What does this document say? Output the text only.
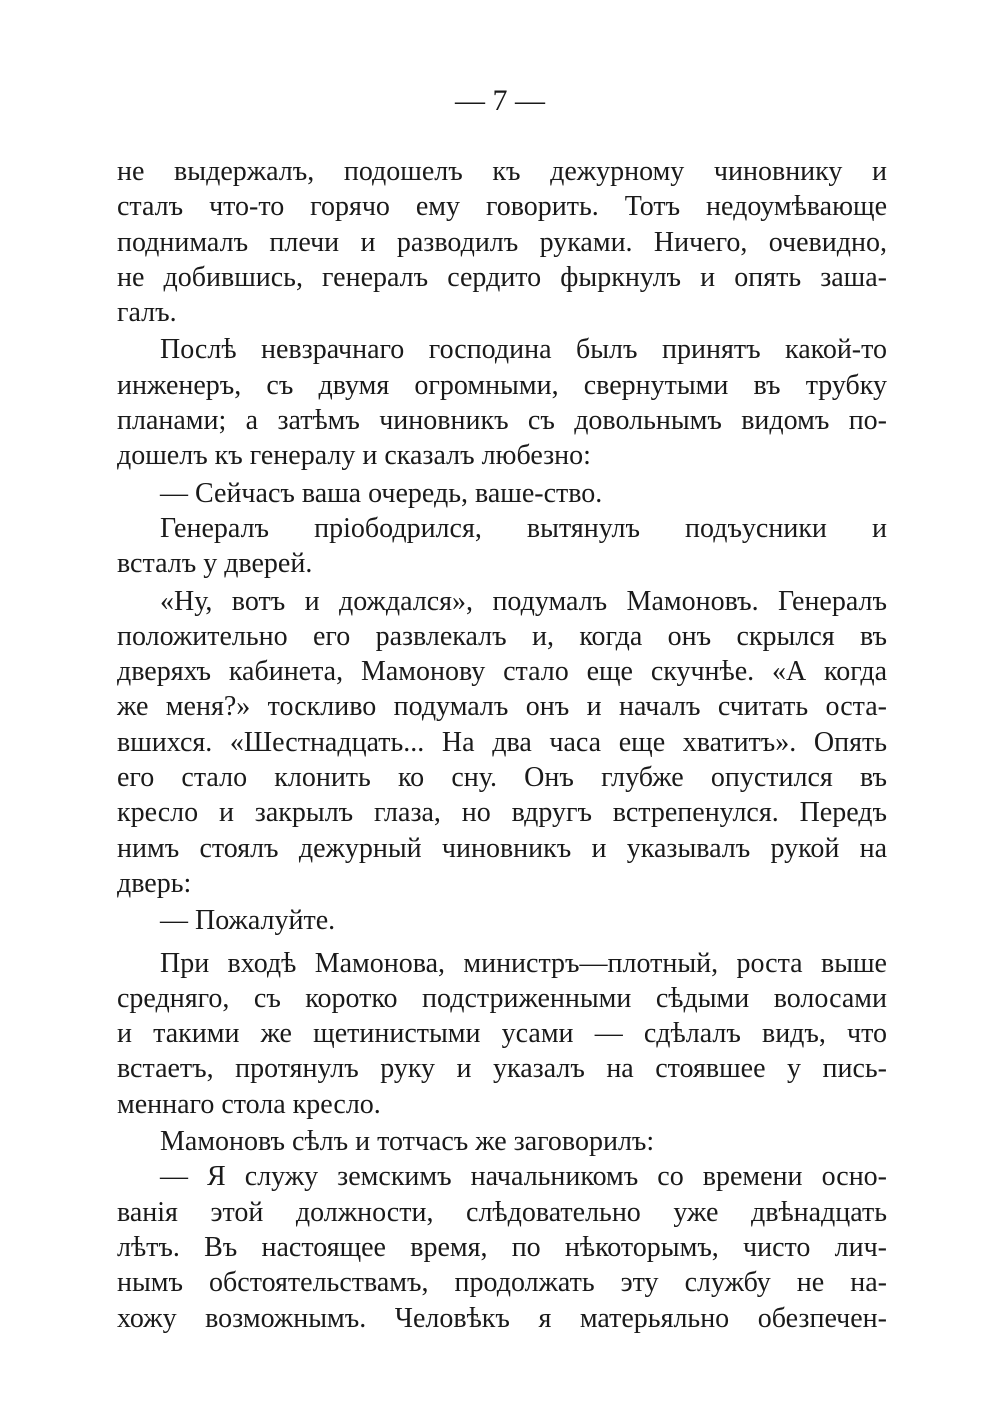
— 7 —
не выдержалъ, подошелъ къ дежурному чиновнику и
сталъ что-то горячо ему говорить. Тотъ недоумѣвающе
поднималъ плечи и разводилъ руками. Ничего, очевидно,
не добившись, генералъ сердито фыркнулъ и опять зашa-
галъ.
Послѣ невзрачнаго господина былъ принятъ какой-то
инженеръ, съ двумя огромными, свернутыми въ трубку
планами; а затѣмъ чиновникъ съ довольнымъ видомъ по-
дошелъ къ генералу и сказалъ любезно:
— Сейчасъ ваша очередь, ваше-ство.
Генералъ пріободрился, вытянулъ подъусники и
всталъ у дверей.
«Ну, вотъ и дождался», подумалъ Мамоновъ. Генералъ
положительно его развлекалъ и, когда онъ скрылся въ
дверяхъ кабинета, Мамонову стало еще скучнѣе. «А когда
же меня?» тоскливо подумалъ онъ и началъ считать оста-
вшихся. «Шестнадцать... На два часа еще хватитъ». Опять
его стало клонить ко сну. Онъ глубже опустился въ
кресло и закрылъ глаза, но вдругъ встрепенулся. Передъ
нимъ стоялъ дежурный чиновникъ и указывалъ рукой на
дверь:
— Пожалуйте.
При входѣ Мамонова, министръ—плотный, роста выше
средняго, съ коротко подстриженными сѣдыми волосами
и такими же щетинистыми усами — сдѣлалъ видъ, что
встаетъ, протянулъ руку и указалъ на стоявшее у пись-
меннаго стола кресло.
Мамоновъ сѣлъ и тотчасъ же заговорилъ:
— Я служу земскимъ начальникомъ со времени осно-
ванія этой должности, слѣдовательно уже двѣнадцать
лѣтъ. Въ настоящее время, по нѣкоторымъ, чисто лич-
нымъ обстоятельствамъ, продолжать эту службу не на-
хожу возможнымъ. Человѣкъ я матерьяльно обезпечен-
